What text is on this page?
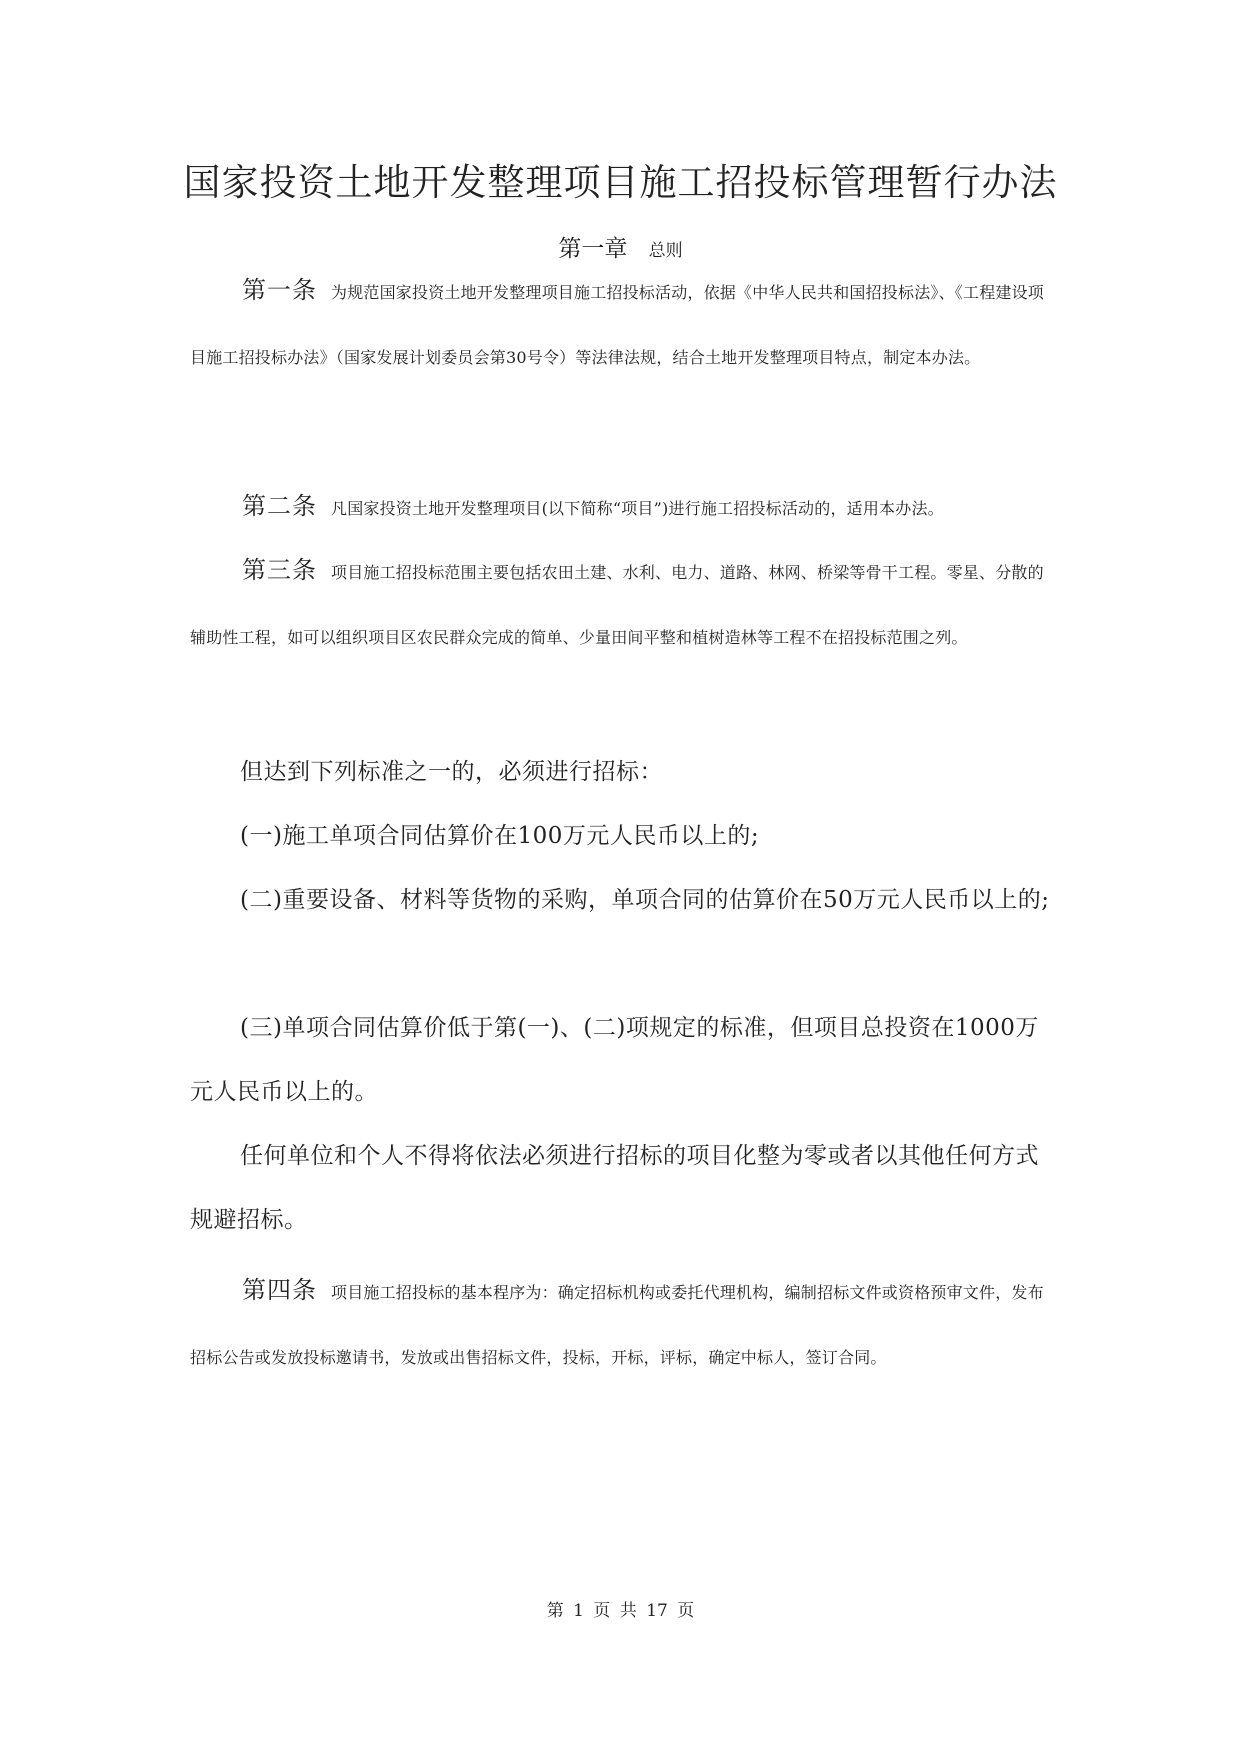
国家投资土地开发整理项目施工招投标管理暂行办法
第一章 总则
第一条 为规范国家投资土地开发整理项目施工招投标活动，依据《中华人民共和国招投标法》、《工程建设项目施工招投标办法》（国家发展计划委员会第30号令）等法律法规，结合土地开发整理项目特点，制定本办法。
第二条 凡国家投资土地开发整理项目(以下简称“项目”)进行施工招投标活动的，适用本办法。
第三条 项目施工招投标范围主要包括农田土建、水利、电力、道路、林网、桥梁等骨干工程。零星、分散的辅助性工程，如可以组织项目区农民群众完成的简单、少量田间平整和植树造林等工程不在招投标范围之列。
但达到下列标准之一的，必须进行招标：
(一)施工单项合同估算价在100万元人民币以上的;
(二)重要设备、材料等货物的采购，单项合同的估算价在50万元人民币以上的;
(三)单项合同估算价低于第(一)、(二)项规定的标准，但项目总投资在1000万元人民币以上的。
任何单位和个人不得将依法必须进行招标的项目化整为零或者以其他任何方式规避招标。
第四条 项目施工招投标的基本程序为：确定招标机构或委托代理机构，编制招标文件或资格预审文件，发布招标公告或发放投标邀请书，发放或出售招标文件，投标，开标，评标，确定中标人，签订合同。
第 1 页 共 17 页
